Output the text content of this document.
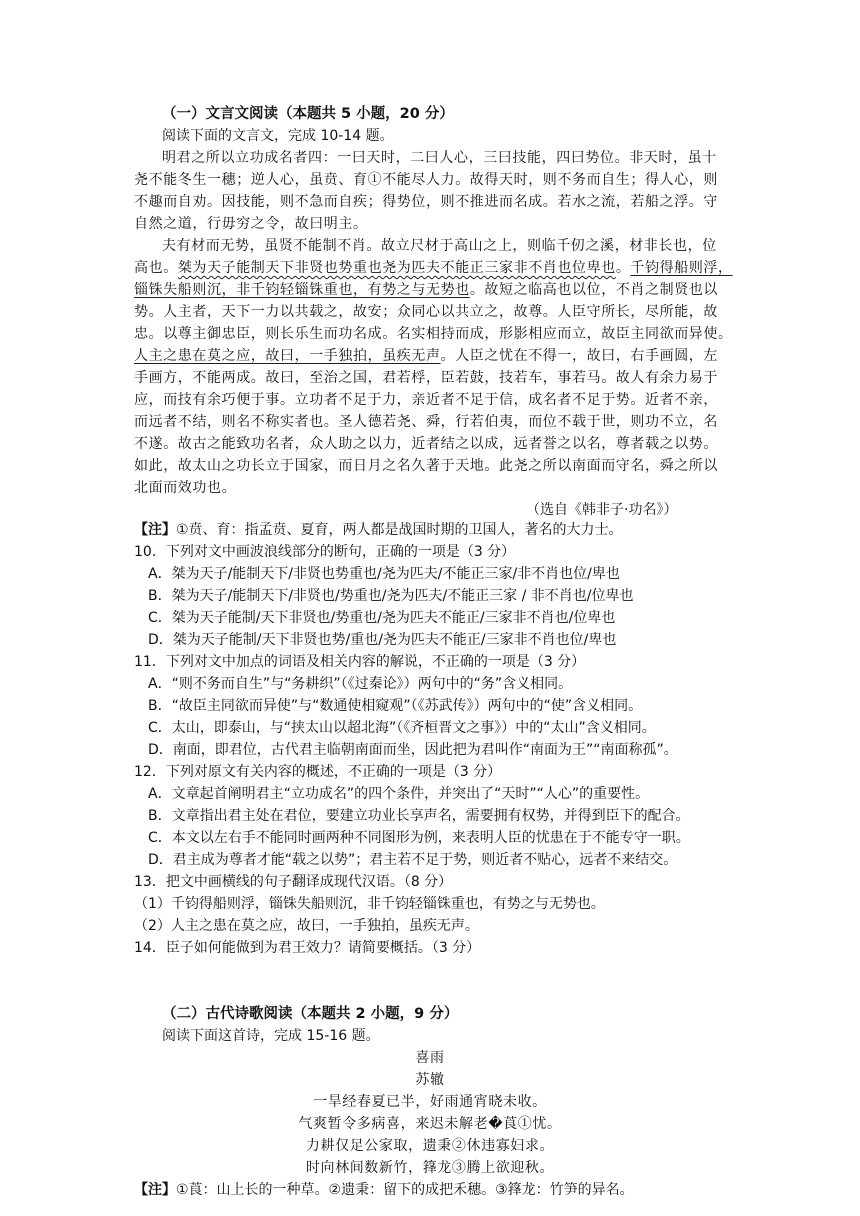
（一）文言文阅读（本题共 5 小题，20 分）
阅读下面的文言文，完成 10-14 题。
明君之所以立功成名者四：一曰天时，二曰人心，三曰技能，四曰势位。非天时，虽十
尧不能冬生一穗；逆人心，虽贲、育①不能尽人力。故得天时，则不务而自生；得人心，则
不趣而自劝。因技能，则不急而自疾；得势位，则不推进而名成。若水之流，若船之浮。守
自然之道，行毋穷之令，故曰明主。
夫有材而无势，虽贤不能制不肖。故立尺材于高山之上，则临千仞之溪，材非长也，位
高也。桀为天子能制天下非贤也势重也尧为匹夫不能正三家非不肖也位卑也。千钧得船则浮，
锱铢失船则沉，非千钧轻锱铢重也，有势之与无势也。故短之临高也以位，不肖之制贤也以
势。人主者，天下一力以共载之，故安；众同心以共立之，故尊。人臣守所长，尽所能，故
忠。以尊主御忠臣，则长乐生而功名成。名实相持而成，形影相应而立，故臣主同欲而异使。
人主之患在莫之应，故曰，一手独拍，虽疾无声。人臣之忧在不得一，故曰，右手画圆，左
手画方，不能两成。故曰，至治之国，君若桴，臣若鼓，技若车，事若马。故人有余力易于
应，而技有余巧便于事。立功者不足于力，亲近者不足于信，成名者不足于势。近者不亲，
而远者不结，则名不称实者也。圣人德若尧、舜，行若伯夷，而位不载于世，则功不立，名
不遂。故古之能致功名者，众人助之以力，近者结之以成，远者誉之以名，尊者载之以势。
如此，故太山之功长立于国家，而日月之名久著于天地。此尧之所以南面而守名，舜之所以
北面而效功也。
（选自《韩非子·功名》）
【注】①贲、育：指孟贲、夏育，两人都是战国时期的卫国人，著名的大力士。
10．下列对文中画波浪线部分的断句，正确的一项是（3 分）
A．桀为天子/能制天下/非贤也势重也/尧为匹夫/不能正三家/非不肖也位/卑也
B．桀为天子/能制天下/非贤也/势重也/尧为匹夫/不能正三家 / 非不肖也/位卑也
C．桀为天子能制/天下非贤也/势重也/尧为匹夫不能正/三家非不肖也/位卑也
D．桀为天子能制/天下非贤也势/重也/尧为匹夫不能正/三家非不肖也位/卑也
11．下列对文中加点的词语及相关内容的解说，不正确的一项是（3 分）
A．“则不务而自生”与“务耕织”（《过秦论》）两句中的“务”含义相同。
B．“故臣主同欲而异使”与“数通使相窥观”（《苏武传》）两句中的“使”含义相同。
C．太山，即泰山，与“挟太山以超北海”（《齐桓晋文之事》）中的“太山”含义相同。
D．南面，即君位，古代君主临朝南面而坐，因此把为君叫作“南面为王”“南面称孤”。
12．下列对原文有关内容的概述，不正确的一项是（3 分）
A．文章起首阐明君主“立功成名”的四个条件，并突出了“天时”“人心”的重要性。
B．文章指出君主处在君位，要建立功业长享声名，需要拥有权势，并得到臣下的配合。
C．本文以左右手不能同时画两种不同图形为例，来表明人臣的忧患在于不能专守一职。
D．君主成为尊者才能“载之以势”；君主若不足于势，则近者不贴心，远者不来结交。
13．把文中画横线的句子翻译成现代汉语。（8 分）
（1）千钧得船则浮，锱铢失船则沉，非千钧轻锱铢重也，有势之与无势也。
（2）人主之患在莫之应，故曰，一手独拍，虽疾无声。
14．臣子如何能做到为君王效力？请简要概括。（3 分）
（二）古代诗歌阅读（本题共 2 小题，9 分）
阅读下面这首诗，完成 15-16 题。
喜雨
苏辙
一旱经春夏已半，好雨通宵晓未收。
气爽暂令多病喜，来迟未解老�莨①忧。
力耕仅足公家取，遗秉②休违寡妇求。
时向林间数新竹，箨龙③腾上欲迎秋。
【注】①莨：山上长的一种草。②遗秉：留下的成把禾穗。③箨龙：竹笋的异名。
